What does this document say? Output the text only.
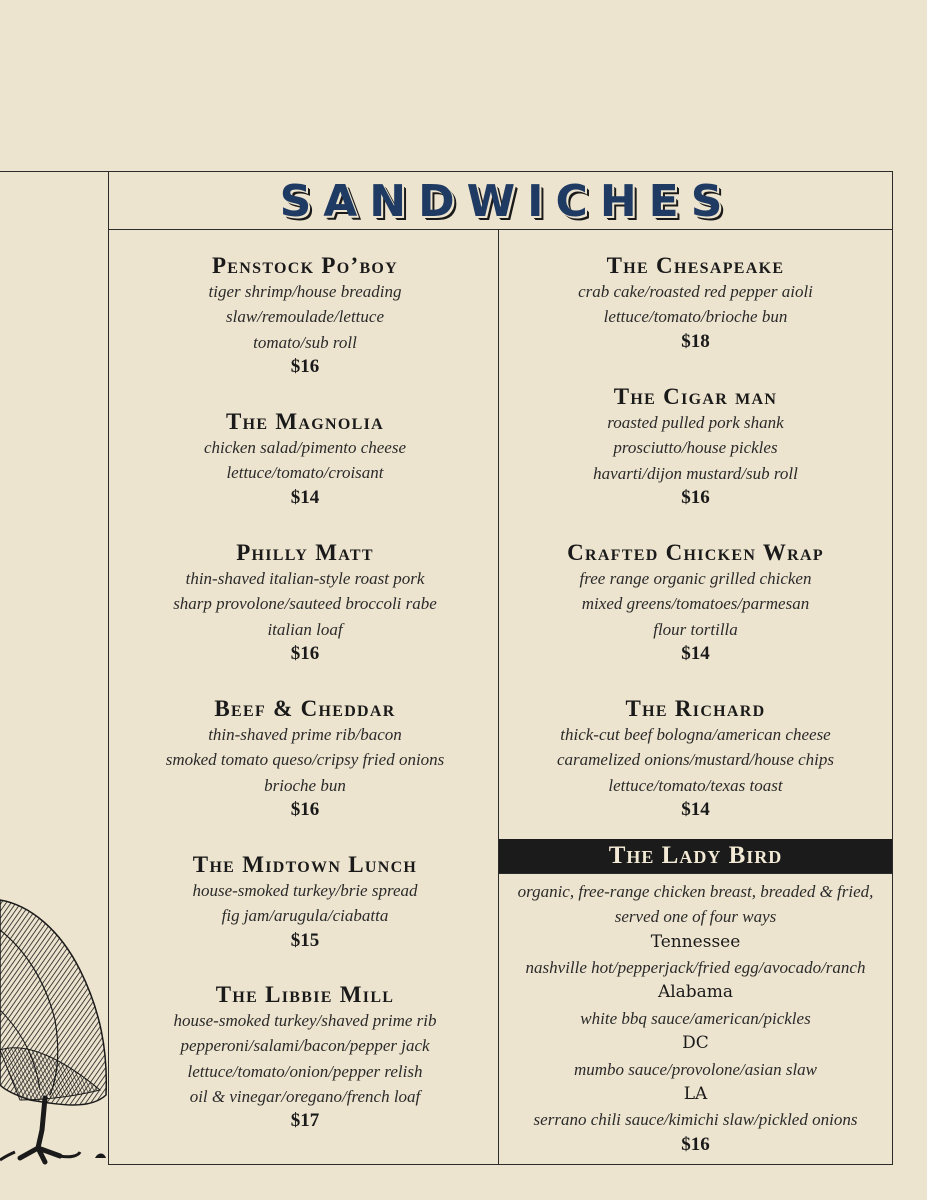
SANDWICHES
Penstock Po’boy
tiger shrimp/house breading
slaw/remoulade/lettuce
tomato/sub roll
$16
The Magnolia
chicken salad/pimento cheese
lettuce/tomato/croisant
$14
Philly Matt
thin-shaved italian-style roast pork
sharp provolone/sauteed broccoli rabe
italian loaf
$16
Beef & Cheddar
thin-shaved prime rib/bacon
smoked tomato queso/cripsy fried onions
brioche bun
$16
The Midtown Lunch
house-smoked turkey/brie spread
fig jam/arugula/ciabatta
$15
The Libbie Mill
house-smoked turkey/shaved prime rib
pepperoni/salami/bacon/pepper jack
lettuce/tomato/onion/pepper relish
oil & vinegar/oregano/french loaf
$17
The Chesapeake
crab cake/roasted red pepper aioli
lettuce/tomato/brioche bun
$18
The Cigar man
roasted pulled pork shank
prosciutto/house pickles
havarti/dijon mustard/sub roll
$16
Crafted Chicken Wrap
free range organic grilled chicken
mixed greens/tomatoes/parmesan
flour tortilla
$14
The Richard
thick-cut beef bologna/american cheese
caramelized onions/mustard/house chips
lettuce/tomato/texas toast
$14
The Lady Bird
organic, free-range chicken breast, breaded & fried,
served one of four ways
Tennessee
nashville hot/pepperjack/fried egg/avocado/ranch
Alabama
white bbq sauce/american/pickles
DC
mumbo sauce/provolone/asian slaw
LA
serrano chili sauce/kimichi slaw/pickled onions
$16
